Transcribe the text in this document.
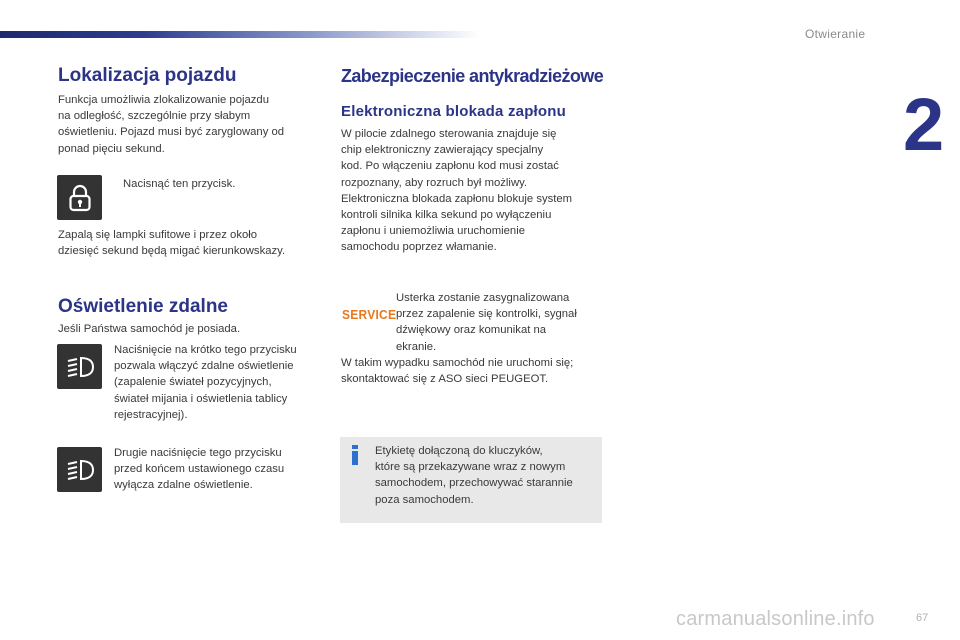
Otwieranie
2
Lokalizacja pojazdu
Funkcja umożliwia zlokalizowanie pojazdu
na odległość, szczególnie przy słabym
oświetleniu. Pojazd musi być zaryglowany od
ponad pięciu sekund.
Nacisnąć ten przycisk.
Zapalą się lampki sufitowe i przez około
dziesięć sekund będą migać kierunkowskazy.
Oświetlenie zdalne
Jeśli Państwa samochód je posiada.
Naciśnięcie na krótko tego przycisku
pozwala włączyć zdalne oświetlenie
(zapalenie świateł pozycyjnych,
świateł mijania i oświetlenia tablicy
rejestracyjnej).
Drugie naciśnięcie tego przycisku
przed końcem ustawionego czasu
wyłącza zdalne oświetlenie.
Zabezpieczenie antykradzieżowe
Elektroniczna blokada zapłonu
W pilocie zdalnego sterowania znajduje się
chip elektroniczny zawierający specjalny
kod. Po włączeniu zapłonu kod musi zostać
rozpoznany, aby rozruch był możliwy.
Elektroniczna blokada zapłonu blokuje system
kontroli silnika kilka sekund po wyłączeniu
zapłonu i uniemożliwia uruchomienie
samochodu poprzez włamanie.
SERVICE
Usterka zostanie zasygnalizowana
przez zapalenie się kontrolki, sygnał
dźwiękowy oraz komunikat na
ekranie.
W takim wypadku samochód nie uruchomi się;
skontaktować się z ASO sieci PEUGEOT.
Etykietę dołączoną do kluczyków,
które są przekazywane wraz z nowym
samochodem, przechowywać starannie
poza samochodem.
carmanualsonline.info	67
